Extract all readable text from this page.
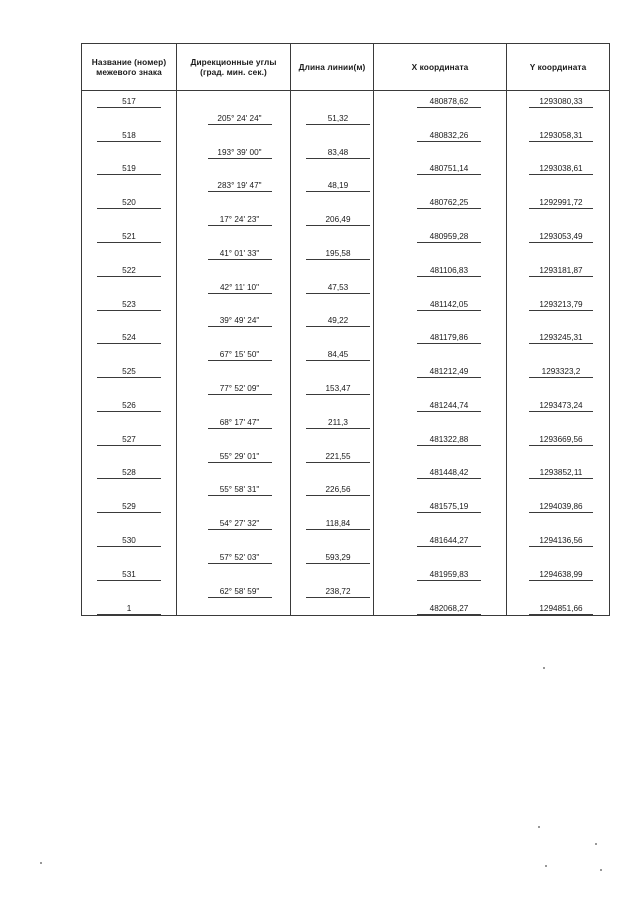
Название (номер) межевого знака	Дирекционные углы (град. мин. сек.)	Длина линии(м)	X координата	Y координата
517			480878,62	1293080,33
	205° 24' 24"	51,32		
518			480832,26	1293058,31
	193° 39' 00"	83,48		
519			480751,14	1293038,61
	283° 19' 47"	48,19		
520			480762,25	1292991,72
	17° 24' 23"	206,49		
521			480959,28	1293053,49
	41° 01' 33"	195,58		
522			481106,83	1293181,87
	42° 11' 10"	47,53		
523			481142,05	1293213,79
	39° 49' 24"	49,22		
524			481179,86	1293245,31
	67° 15' 50"	84,45		
525			481212,49	1293323,2
	77° 52' 09"	153,47		
526			481244,74	1293473,24
	68° 17' 47"	211,3		
527			481322,88	1293669,56
	55° 29' 01"	221,55		
528			481448,42	1293852,11
	55° 58' 31"	226,56		
529			481575,19	1294039,86
	54° 27' 32"	118,84		
530			481644,27	1294136,56
	57° 52' 03"	593,29		
531			481959,83	1294638,99
	62° 58' 59"	238,72		
1			482068,27	1294851,66
